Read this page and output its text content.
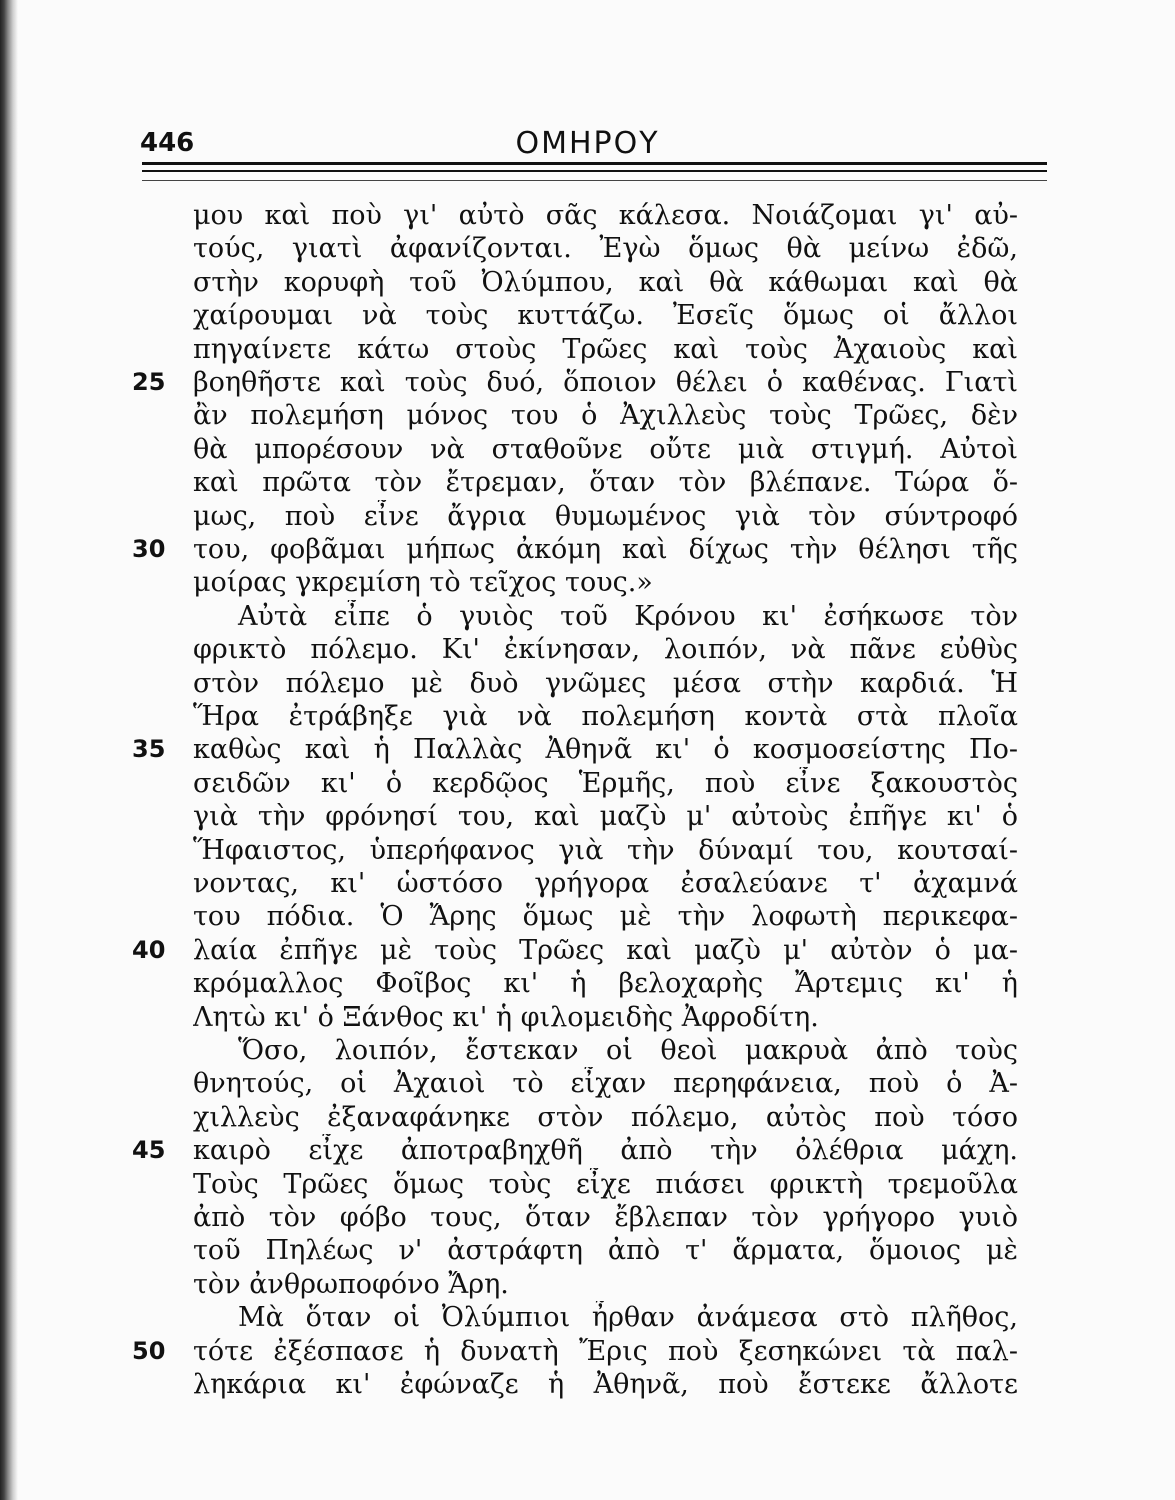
446	ΟΜΗΡΟΥ
μου καὶ ποὺ γι' αὐτὸ σᾶς κάλεσα. Νοιάζομαι γι' αὐ-
τούς, γιατὶ ἀφανίζονται. Ἐγὼ ὅμως θὰ μείνω ἐδῶ,
στὴν κορυφὴ τοῦ Ὀλύμπου, καὶ θὰ κάθωμαι καὶ θὰ
χαίρουμαι νὰ τοὺς κυττάζω. Ἐσεῖς ὅμως οἱ ἄλλοι
πηγαίνετε κάτω στοὺς Τρῶες καὶ τοὺς Ἀχαιοὺς καὶ
βοηθῆστε καὶ τοὺς δυό, ὅποιον θέλει ὁ καθένας. Γιατὶ
ἂν πολεμήση μόνος του ὁ Ἀχιλλεὺς τοὺς Τρῶες, δὲν
θὰ μπορέσουν νὰ σταθοῦνε οὔτε μιὰ στιγμή. Αὐτοὶ
καὶ πρῶτα τὸν ἔτρεμαν, ὅταν τὸν βλέπανε. Τώρα ὅ-
μως, ποὺ εἶνε ἄγρια θυμωμένος γιὰ τὸν σύντροφό
του, φοβᾶμαι μήπως ἀκόμη καὶ δίχως τὴν θέλησι τῆς
μοίρας γκρεμίση τὸ τεῖχος τους.»
Αὐτὰ εἶπε ὁ γυιὸς τοῦ Κρόνου κι' ἐσήκωσε τὸν
φρικτὸ πόλεμο. Κι' ἐκίνησαν, λοιπόν, νὰ πᾶνε εὐθὺς
στὸν πόλεμο μὲ δυὸ γνῶμες μέσα στὴν καρδιά. Ἡ
Ἥρα ἐτράβηξε γιὰ νὰ πολεμήση κοντὰ στὰ πλοῖα
καθὼς καὶ ἡ Παλλὰς Ἀθηνᾶ κι' ὁ κοσμοσείστης Πο-
σειδῶν κι' ὁ κερδῷος Ἑρμῆς, ποὺ εἶνε ξακουστὸς
γιὰ τὴν φρόνησί του, καὶ μαζὺ μ' αὐτοὺς ἐπῆγε κι' ὁ
Ἥφαιστος, ὑπερήφανος γιὰ τὴν δύναμί του, κουτσαί-
νοντας, κι' ὡστόσο γρήγορα ἐσαλεύανε τ' ἀχαμνά
του πόδια. Ὁ Ἄρης ὅμως μὲ τὴν λοφωτὴ περικεφα-
λαία ἐπῆγε μὲ τοὺς Τρῶες καὶ μαζὺ μ' αὐτὸν ὁ μα-
κρόμαλλος Φοῖβος κι' ἡ βελοχαρὴς Ἄρτεμις κι' ἡ
Λητὼ κι' ὁ Ξάνθος κι' ἡ φιλομειδὴς Ἀφροδίτη.
Ὅσο, λοιπόν, ἔστεκαν οἱ θεοὶ μακρυὰ ἀπὸ τοὺς
θνητούς, οἱ Ἀχαιοὶ τὸ εἶχαν περηφάνεια, ποὺ ὁ Ἀ-
χιλλεὺς ἐξαναφάνηκε στὸν πόλεμο, αὐτὸς ποὺ τόσο
καιρὸ εἶχε ἀποτραβηχθῆ ἀπὸ τὴν ὀλέθρια μάχη.
Τοὺς Τρῶες ὅμως τοὺς εἶχε πιάσει φρικτὴ τρεμοῦλα
ἀπὸ τὸν φόβο τους, ὅταν ἔβλεπαν τὸν γρήγορο γυιὸ
τοῦ Πηλέως ν' ἀστράφτη ἀπὸ τ' ἅρματα, ὅμοιος μὲ
τὸν ἀνθρωποφόνο Ἄρη.
Μὰ ὅταν οἱ Ὀλύμπιοι ἦρθαν ἀνάμεσα στὸ πλῆθος,
τότε ἐξέσπασε ἡ δυνατὴ Ἔρις ποὺ ξεσηκώνει τὰ παλ-
ληκάρια κι' ἐφώναζε ἡ Ἀθηνᾶ, ποὺ ἔστεκε ἄλλοτε
25
30
35
40
45
50
